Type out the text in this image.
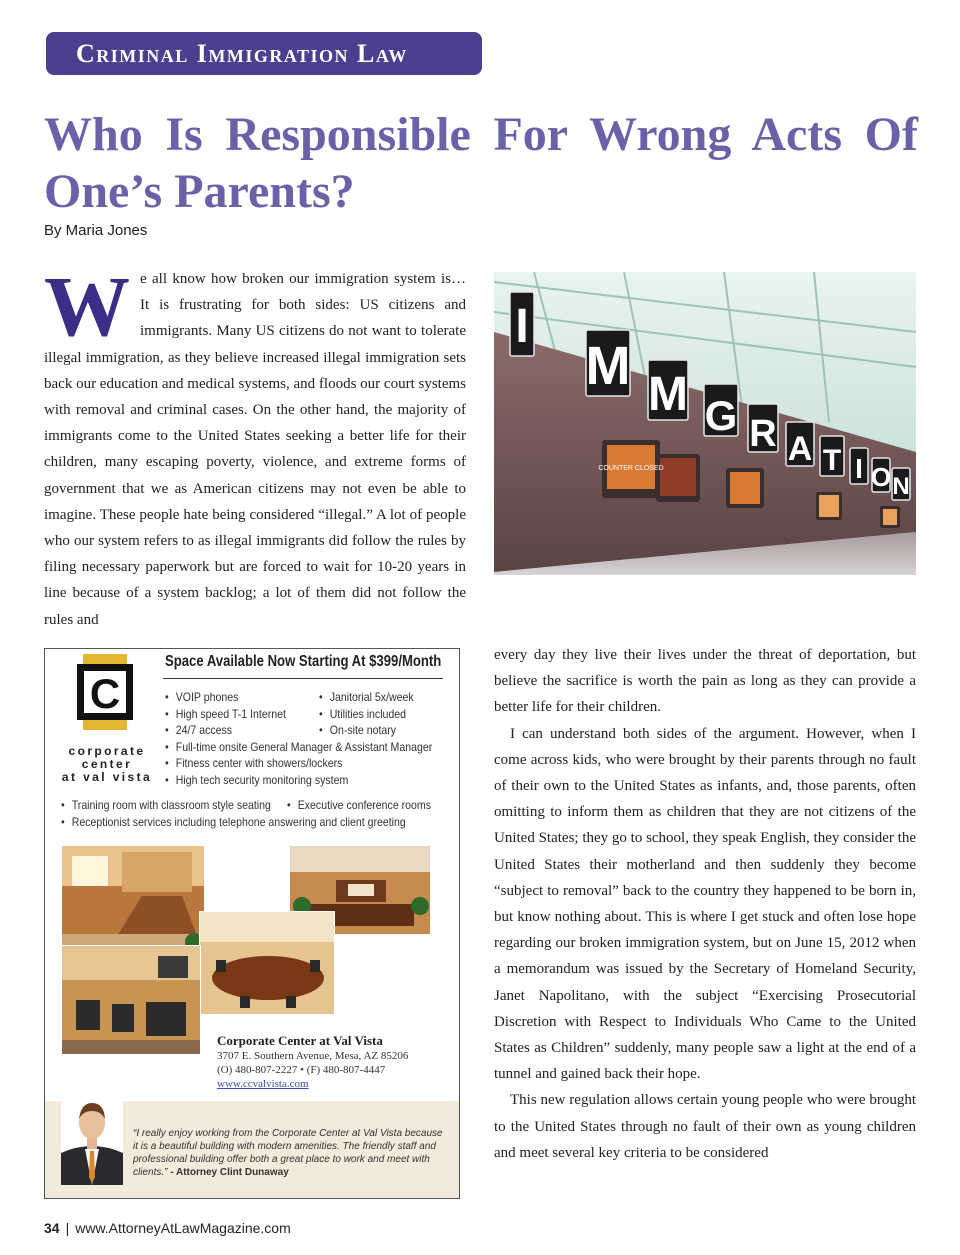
Criminal Immigration Law
Who Is Responsible For Wrong Acts Of One’s Parents?
By Maria Jones
W e all know how broken our immigration system is… It is frustrating for both sides: US citizens and immigrants. Many US citizens do not want to tolerate illegal immigration, as they believe increased illegal immigration sets back our education and medical systems, and floods our court systems with removal and criminal cases. On the other hand, the majority of immigrants come to the United States seeking a better life for their children, many escaping poverty, violence, and extreme forms of government that we as American citizens may not even be able to imagine. These people hate being considered “illegal.” A lot of people who our system refers to as illegal immigrants did follow the rules by filing necessary paperwork but are forced to wait for 10-20 years in line because of a system backlog; a lot of them did not follow the rules and
I
M M G R A T I O N
COUNTER CLOSED

every day they live their lives under the threat of deportation, but believe the sacrifice is worth the pain as long as they can provide a better life for their children.

I can understand both sides of the argument. However, when I come across kids, who were brought by their parents through no fault of their own to the United States as infants, and, those parents, often omitting to inform them as children that they are not citizens of the United States; they go to school, they speak English, they consider the United States their motherland and then suddenly they become “subject to removal” back to the country they happened to be born in, but know nothing about. This is where I get stuck and often lose hope regarding our broken immigration system, but on June 15, 2012 when a memorandum was issued by the Secretary of Homeland Security, Janet Napolitano, with the subject “Exercising Prosecutorial Discretion with Respect to Individuals Who Came to the United States as Children” suddenly, many people saw a light at the end of a tunnel and gained back their hope.

This new regulation allows certain young people who were brought to the United States through no fault of their own as young children and meet several key criteria to be considered

C
corporate
center
at val vista
Space Available Now Starting At $399/Month
• VOIP phones
• High speed T-1 Internet
• 24/7 access
• Full-time onsite General Manager & Assistant Manager
• Fitness center with showers/lockers
• High tech security monitoring system
• Janitorial 5x/week
• Utilities included
• On-site notary
• Training room with classroom style seating
•	Executive conference rooms
• Receptionist services including telephone answering and client greeting
Corporate Center at Val Vista
3707 E. Southern Avenue, Mesa, AZ 85206
(O) 480-807-2227 • (F) 480-807-4447
www.ccvalvista.com
“I really enjoy working from the Corporate Center at Val Vista because it is a beautiful building with modern amenities. The friendly staff and professional building offer both a great place to work and meet with clients.” - Attorney Clint Dunaway
34 | www.AttorneyAtLawMagazine.com
